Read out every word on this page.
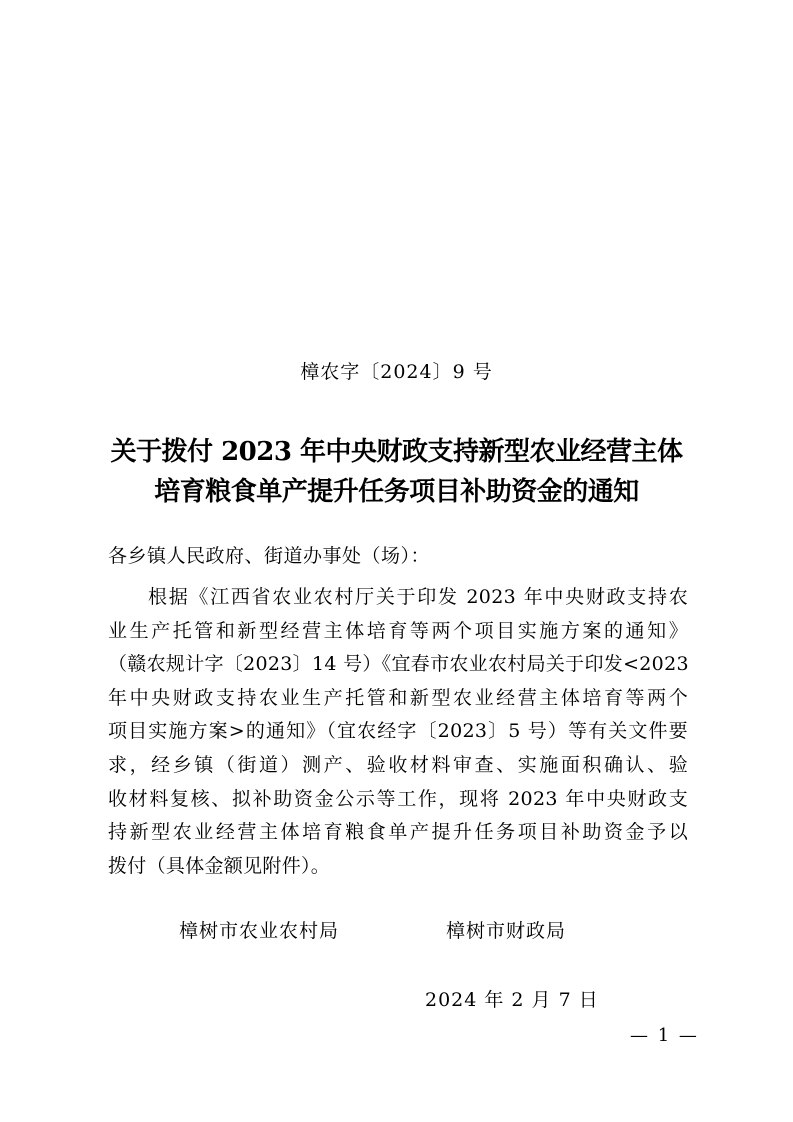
樟农字〔2024〕9 号
关于拨付 2023 年中央财政支持新型农业经营主体
培育粮食单产提升任务项目补助资金的通知
各乡镇人民政府、街道办事处（场）：
根据《江西省农业农村厅关于印发 2023 年中央财政支持农
业生产托管和新型经营主体培育等两个项目实施方案的通知》
（赣农规计字〔2023〕14 号）《宜春市农业农村局关于印发<2023
年中央财政支持农业生产托管和新型农业经营主体培育等两个
项目实施方案>的通知》（宜农经字〔2023〕5 号）等有关文件要
求，经乡镇（街道）测产、验收材料审查、实施面积确认、验
收材料复核、拟补助资金公示等工作，现将 2023 年中央财政支
持新型农业经营主体培育粮食单产提升任务项目补助资金予以
拨付（具体金额见附件）。
樟树市农业农村局	樟树市财政局
2024 年 2 月 7 日
— 1 —
